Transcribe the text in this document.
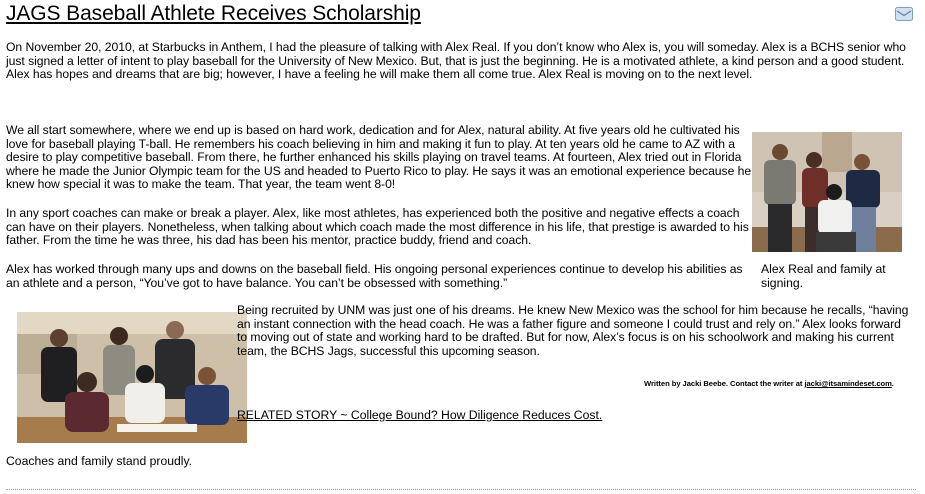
JAGS Baseball Athlete Receives Scholarship

On November 20, 2010, at Starbucks in Anthem, I had the pleasure of talking with Alex Real. If you don’t know who Alex is, you will someday. Alex is a BCHS senior who just signed a letter of intent to play baseball for the University of New Mexico. But, that is just the beginning. He is a motivated athlete, a kind person and a good student. Alex has hopes and dreams that are big; however, I have a feeling he will make them all come true. Alex Real is moving on to the next level.

We all start somewhere, where we end up is based on hard work, dedication and for Alex, natural ability. At five years old he cultivated his love for baseball playing T-ball. He remembers his coach believing in him and making it fun to play. At ten years old he came to AZ with a desire to play competitive baseball. From there, he further enhanced his skills playing on travel teams. At fourteen, Alex tried out in Florida where he made the Junior Olympic team for the US and headed to Puerto Rico to play. He says it was an emotional experience because he knew how special it was to make the team. That year, the team went 8-0!

In any sport coaches can make or break a player. Alex, like most athletes, has experienced both the positive and negative effects a coach can have on their players. Nonetheless, when talking about which coach made the most difference in his life, that prestige is awarded to his father. From the time he was three, his dad has been his mentor, practice buddy, friend and coach.

Alex has worked through many ups and downs on the baseball field. His ongoing personal experiences continue to develop his abilities as an athlete and a person, “You’ve got to have balance. You can’t be obsessed with something.”

Alex Real and family at signing.

Being recruited by UNM was just one of his dreams. He knew New Mexico was the school for him because he recalls, “having an instant connection with the head coach. He was a father figure and someone I could trust and rely on.” Alex looks forward to moving out of state and working hard to be drafted. But for now, Alex’s focus is on his schoolwork and making his current team, the BCHS Jags, successful this upcoming season.

Written by Jacki Beebe. Contact the writer at jacki@itsamindeset.com.
RELATED STORY ~ College Bound? How Diligence Reduces Cost.
Coaches and family stand proudly.
